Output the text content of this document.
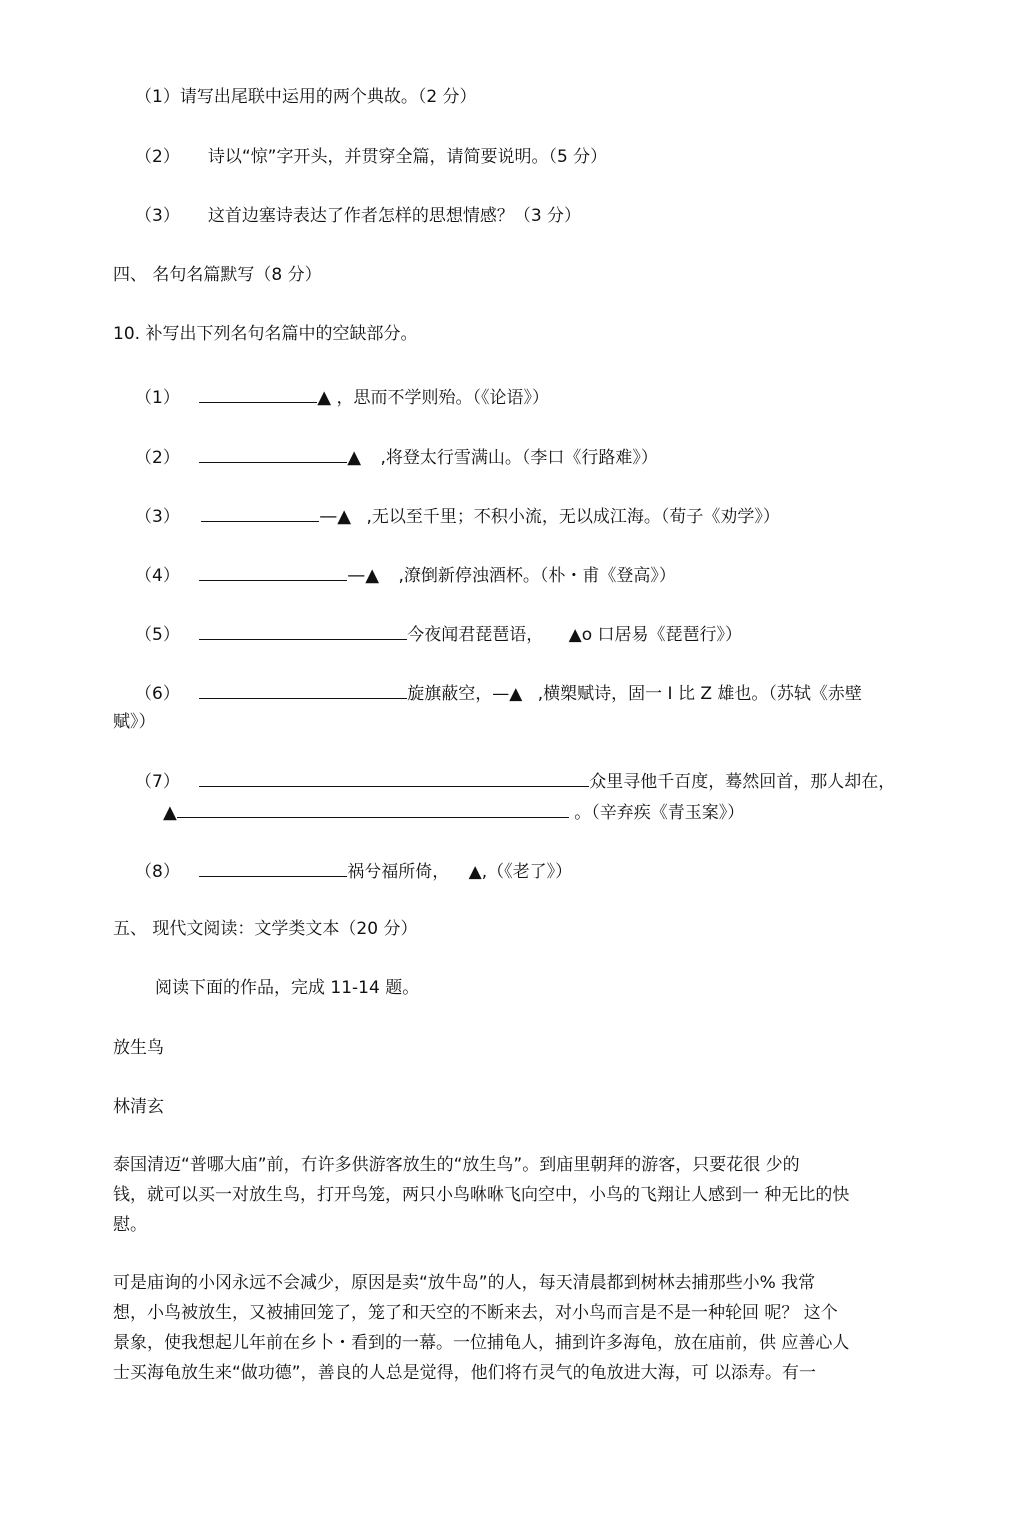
（1）请写出尾联中运用的两个典故。（2 分）
（2） 诗以“惊”字开头，并贯穿全篇，请简要说明。（5 分）
（3） 这首边塞诗表达了作者怎样的思想情感？（3 分）
四、 名句名篇默写（8 分）
10. 补写出下列名句名篇中的空缺部分。
（1）	▲ ，思而不学则殆。（《论语》）
（2）	▲ ,将登太行雪满山。（李口《行路难》）
（3）	—▲ ,无以至千里；不积小流，无以成江海。（荀子《劝学》）
（4）	—▲ ,潦倒新停浊酒杯。（朴・甫《登高》）
（5）	今夜闻君琵琶语， ▲o 口居易《琵琶行》）
（6）	旋旗蔽空，—▲ ,横槊赋诗，固一 I 比 Z 雄也。（苏轼《赤壁
赋》）
（7）	众里寻他千百度，蓦然回首，那人却在，
▲	。（辛弃疾《青玉案》）
（8）	祸兮福所倚， ▲,（《老了》）
五、 现代文阅读：文学类文本（20 分）
阅读下面的作品，完成 11-14 题。
放生鸟
林清玄
泰国清迈“普哪大庙”前，冇许多供游客放生的“放生鸟”。到庙里朝拜的游客，只要花很 少的
钱，就可以买一对放生鸟，打开鸟笼，两只小鸟咻咻飞向空中，小鸟的飞翔让人感到一 种无比的快
慰。
可是庙询的小冈永远不会减少，原因是卖“放牛岛”的人，每天清晨都到树林去捕那些小% 我常
想，小鸟被放生，又被捕回笼了，笼了和天空的不断来去，对小鸟而言是不是一种轮回 呢？ 这个
景象，使我想起儿年前在乡卜・看到的一幕。一位捕龟人，捕到许多海龟，放在庙前，供 应善心人
士买海龟放生来“做功德”，善良的人总是觉得，他们将冇灵气的龟放进大海，可 以添寿。有一
